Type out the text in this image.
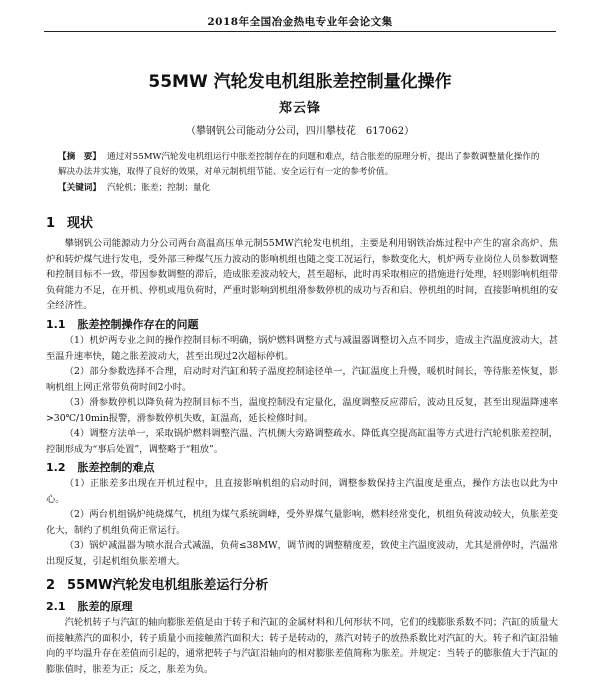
2018年全国冶金热电专业年会论文集
55MW 汽轮发电机组胀差控制量化操作
郑云锋
（攀钢钒公司能动分公司，四川攀枝花　617062）
【摘　要】 通过对55MW汽轮发电机组运行中胀差控制存在的问题和难点，结合胀差的原理分析，提出了参数调整量化操作的解决办法并实施，取得了良好的效果，对单元制机组节能、安全运行有一定的参考价值。
【关键词】 汽轮机；胀差；控制；量化
1 现状

攀钢钒公司能源动力分公司两台高温高压单元制55MW汽轮发电机组，主要是利用钢铁冶炼过程中产生的富余高炉、焦炉和转炉煤气进行发电，受外部三种煤气压力波动的影响机组也随之变工况运行，参数变化大，机炉两专业岗位人员参数调整和控制目标不一致，带因参数调整的滞后，造成胀差波动较大，甚至超标，此时再采取相应的措施进行处理，轻则影响机组带负荷能力不足，在开机、停机或甩负荷时，严重时影响到机组滑参数停机的成功与否和启、停机组的时间，直接影响机组的安全经济性。

1.1 胀差控制操作存在的问题

（1）机炉两专业之间的操作控制目标不明确，锅炉燃料调整方式与减温器调整切入点不同步，造成主汽温度波动大，甚至温升速率快，随之胀差波动大，甚至出现过2次超标停机。

（2）部分参数选择不合理，启动时对汽缸和转子温度控制途径单一，汽缸温度上升慢，暖机时间长，等待胀差恢复，影响机组上网正常带负荷时间2小时。

（3）滑参数停机以降负荷为控制目标不当，温度控制没有定量化，温度调整反应滞后，波动且反复，甚至出现温降速率>30℃/10min报警，滑参数停机失败，缸温高，延长检修时间。

（4）调整方法单一，采取锅炉燃料调整汽温、汽机侧大旁路调整疏水、降低真空提高缸温等方式进行汽轮机胀差控制，控制形成为“事后处置”，调整略于“粗放”。

1.2 胀差控制的难点

（1）正胀差多出现在开机过程中，且直接影响机组的启动时间，调整参数保持主汽温度是重点，操作方法也以此为中心。

（2）两台机组锅炉纯烧煤气，机组为煤气系统调峰，受外界煤气量影响，燃料经常变化，机组负荷波动较大，负胀差变化大，制约了机组负荷正常运行。

（3）锅炉减温器为喷水混合式减温，负荷≤38MW，调节阀的调整精度差，致使主汽温度波动，尤其是滑停时，汽温常出现反复，引起机组负胀差增大。

2 55MW汽轮发电机组胀差运行分析
2.1 胀差的原理

汽轮机转子与汽缸的轴向膨胀差值是由于转子和汽缸的金属材料和几何形状不同，它们的线膨胀系数不同；汽缸的质量大而接触蒸汽的面积小，转子质量小而接触蒸汽面积大；转子是转动的，蒸汽对转子的放热系数比对汽缸的大。转子和汽缸沿轴向的平均温升存在差值而引起的，通常把转子与汽缸沿轴向的相对膨胀差值简称为胀差。并规定：当转子的膨胀值大于汽缸的膨胀值时，胀差为正；反之，胀差为负。
